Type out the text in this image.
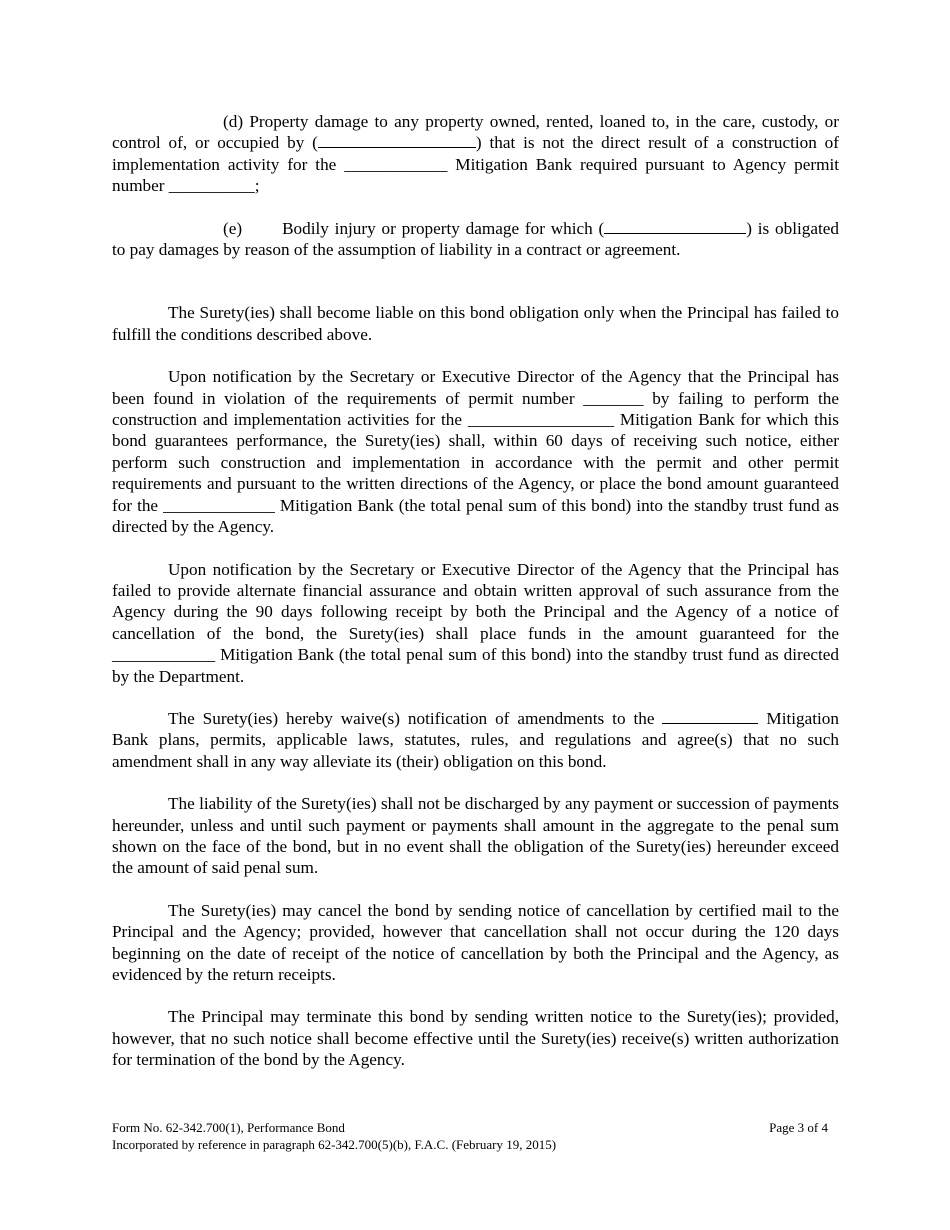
(d) Property damage to any property owned, rented, loaned to, in the care, custody, or control of, or occupied by (	) that is not the direct result of a construction of implementation activity for the ____________ Mitigation Bank required pursuant to Agency permit number __________;

(e) Bodily injury or property damage for which (	) is obligated to pay damages by reason of the assumption of liability in a contract or agreement.

The Surety(ies) shall become liable on this bond obligation only when the Principal has failed to fulfill the conditions described above.

Upon notification by the Secretary or Executive Director of the Agency that the Principal has been found in violation of the requirements of permit number _______ by failing to perform the construction and implementation activities for the _________________ Mitigation Bank for which this bond guarantees performance, the Surety(ies) shall, within 60 days of receiving such notice, either perform such construction and implementation in accordance with the permit and other permit requirements and pursuant to the written directions of the Agency, or place the bond amount guaranteed for the _____________ Mitigation Bank (the total penal sum of this bond) into the standby trust fund as directed by the Agency.

Upon notification by the Secretary or Executive Director of the Agency that the Principal has failed to provide alternate financial assurance and obtain written approval of such assurance from the Agency during the 90 days following receipt by both the Principal and the Agency of a notice of cancellation of the bond, the Surety(ies) shall place funds in the amount guaranteed for the ____________ Mitigation Bank (the total penal sum of this bond) into the standby trust fund as directed by the Department.

The Surety(ies) hereby waive(s) notification of amendments to the	Mitigation Bank plans, permits, applicable laws, statutes, rules, and regulations and agree(s) that no such amendment shall in any way alleviate its (their) obligation on this bond.

The liability of the Surety(ies) shall not be discharged by any payment or succession of payments hereunder, unless and until such payment or payments shall amount in the aggregate to the penal sum shown on the face of the bond, but in no event shall the obligation of the Surety(ies) hereunder exceed the amount of said penal sum.

The Surety(ies) may cancel the bond by sending notice of cancellation by certified mail to the Principal and the Agency; provided, however that cancellation shall not occur during the 120 days beginning on the date of receipt of the notice of cancellation by both the Principal and the Agency, as evidenced by the return receipts.

The Principal may terminate this bond by sending written notice to the Surety(ies); provided, however, that no such notice shall become effective until the Surety(ies) receive(s) written authorization for termination of the bond by the Agency.

Form No. 62-342.700(1), Performance Bond
Incorporated by reference in paragraph 62-342.700(5)(b), F.A.C. (February 19, 2015)
Page 3 of 4
